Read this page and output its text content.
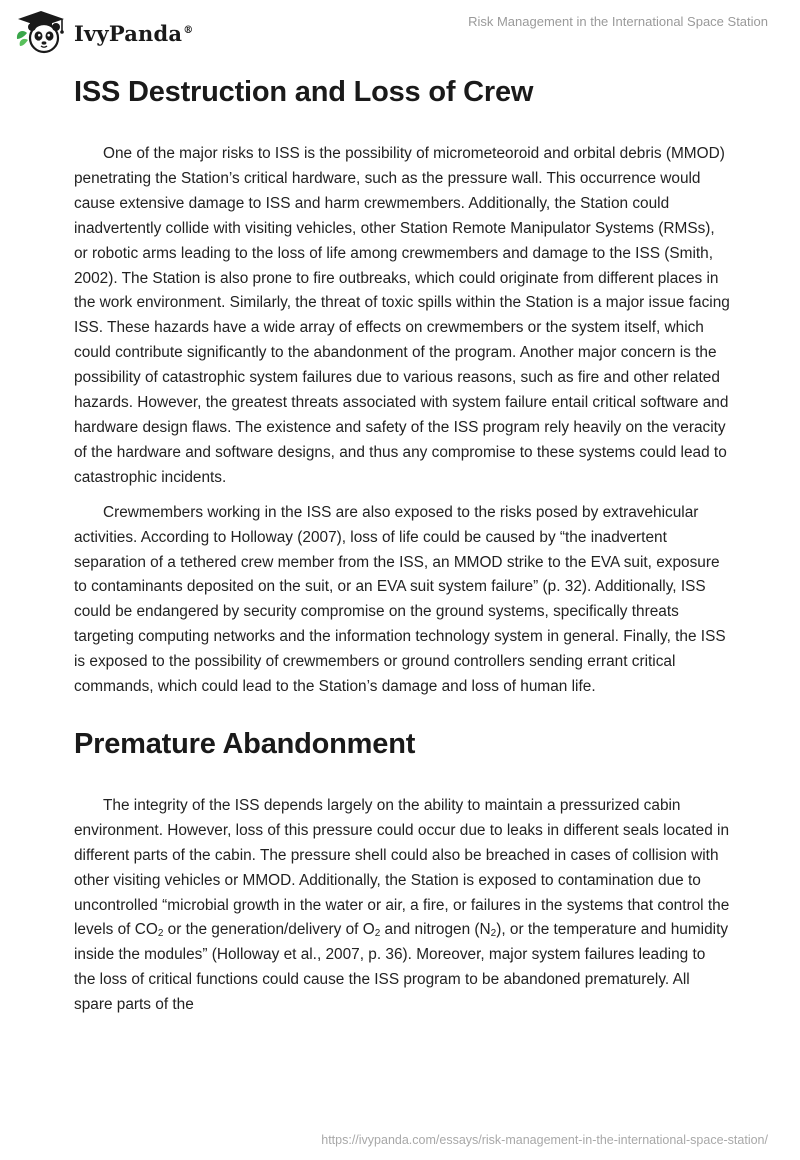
IvyPanda®
Risk Management in the International Space Station
ISS Destruction and Loss of Crew

One of the major risks to ISS is the possibility of micrometeoroid and orbital debris (MMOD) penetrating the Station’s critical hardware, such as the pressure wall. This occurrence would cause extensive damage to ISS and harm crewmembers. Additionally, the Station could inadvertently collide with visiting vehicles, other Station Remote Manipulator Systems (RMSs), or robotic arms leading to the loss of life among crewmembers and damage to the ISS (Smith, 2002). The Station is also prone to fire outbreaks, which could originate from different places in the work environment. Similarly, the threat of toxic spills within the Station is a major issue facing ISS. These hazards have a wide array of effects on crewmembers or the system itself, which could contribute significantly to the abandonment of the program. Another major concern is the possibility of catastrophic system failures due to various reasons, such as fire and other related hazards. However, the greatest threats associated with system failure entail critical software and hardware design flaws. The existence and safety of the ISS program rely heavily on the veracity of the hardware and software designs, and thus any compromise to these systems could lead to catastrophic incidents.

Crewmembers working in the ISS are also exposed to the risks posed by extravehicular activities. According to Holloway (2007), loss of life could be caused by “the inadvertent separation of a tethered crew member from the ISS, an MMOD strike to the EVA suit, exposure to contaminants deposited on the suit, or an EVA suit system failure” (p. 32). Additionally, ISS could be endangered by security compromise on the ground systems, specifically threats targeting computing networks and the information technology system in general. Finally, the ISS is exposed to the possibility of crewmembers or ground controllers sending errant critical commands, which could lead to the Station’s damage and loss of human life.

Premature Abandonment

The integrity of the ISS depends largely on the ability to maintain a pressurized cabin environment. However, loss of this pressure could occur due to leaks in different seals located in different parts of the cabin. The pressure shell could also be breached in cases of collision with other visiting vehicles or MMOD. Additionally, the Station is exposed to contamination due to uncontrolled “microbial growth in the water or air, a fire, or failures in the systems that control the levels of $CO_2$ or the generation/delivery of $O_2$ and nitrogen $(N_2)$, or the temperature and humidity inside the modules” (Holloway et al., 2007, p. 36). Moreover, major system failures leading to the loss of critical functions could cause the ISS program to be abandoned prematurely. All spare parts of the

https://ivypanda.com/essays/risk-management-in-the-international-space-station/
